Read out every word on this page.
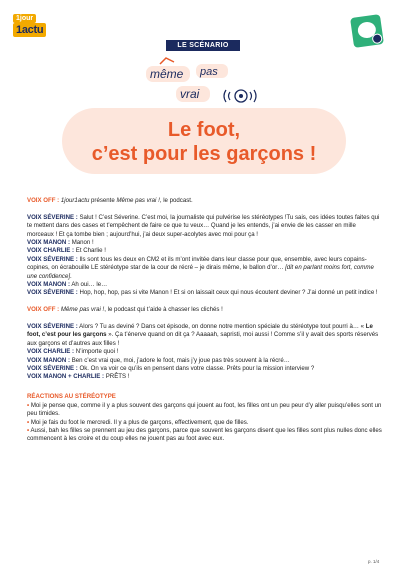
1jour
1actu
LE SCÉNARIO
même pas
vrai
Le foot,
c’est pour les garçons !

VOIX OFF : 1jour1actu présente Même pas vrai !, le podcast.

VOIX SÉVERINE : Salut ! C’est Séverine. C’est moi, la journaliste qui pulvérise les stéréotypes !Tu sais, ces idées toutes faites qui te mettent dans des cases et t’empêchent de faire ce que tu veux… Quand je les entends, j’ai envie de les casser en mille morceaux ! Et ça tombe bien ; aujourd’hui, j’ai deux super-acolytes avec moi pour ça !

VOIX MANON : Manon !

VOIX CHARLIE : Et Charlie !

VOIX SÉVERINE : Ils sont tous les deux en CM2 et ils m’ont invitée dans leur classe pour que, ensemble, avec leurs copains-copines, on écrabouille LE stéréotype star de la cour de récré – je dirais même, le ballon d’or… [dit en parlant moins fort, comme une confidence].

VOIX MANON : Ah oui… le…

VOIX SÉVERINE : Hop, hop, hop, pas si vite Manon ! Et si on laissait ceux qui nous écoutent deviner ? J’ai donné un petit indice !

VOIX OFF : Même pas vrai !, le podcast qui t’aide à chasser les clichés !

VOIX SÉVERINE : Alors ? Tu as deviné ? Dans cet épisode, on donne notre mention spéciale du stéréotype tout pourri à… « Le foot, c’est pour les garçons ». Ça t’énerve quand on dit ça ? Aaaaah, sapristi, moi aussi ! Comme s’il y avait des sports réservés aux garçons et d’autres aux filles !

VOIX CHARLIE : N’importe quoi !

VOIX MANON : Ben c’est vrai que, moi, j’adore le foot, mais j’y joue pas très souvent à la récré…

VOIX SÉVERINE : Ok. On va voir ce qu’ils en pensent dans votre classe. Prêts pour la mission interview ?

VOIX MANON + CHARLIE : PRÊTS !

RÉACTIONS AU STÉRÉOTYPE

• Moi je pense que, comme il y a plus souvent des garçons qui jouent au foot, les filles ont un peu peur d’y aller puisqu’elles sont un peu timides.

• Moi je fais du foot le mercredi. Il y a plus de garçons, effectivement, que de filles.

• Aussi, bah les filles se prennent au jeu des garçons, parce que souvent les garçons disent que les filles sont plus nulles donc elles commencent à les croire et du coup elles ne jouent pas au foot avec eux.

p. 1/4
